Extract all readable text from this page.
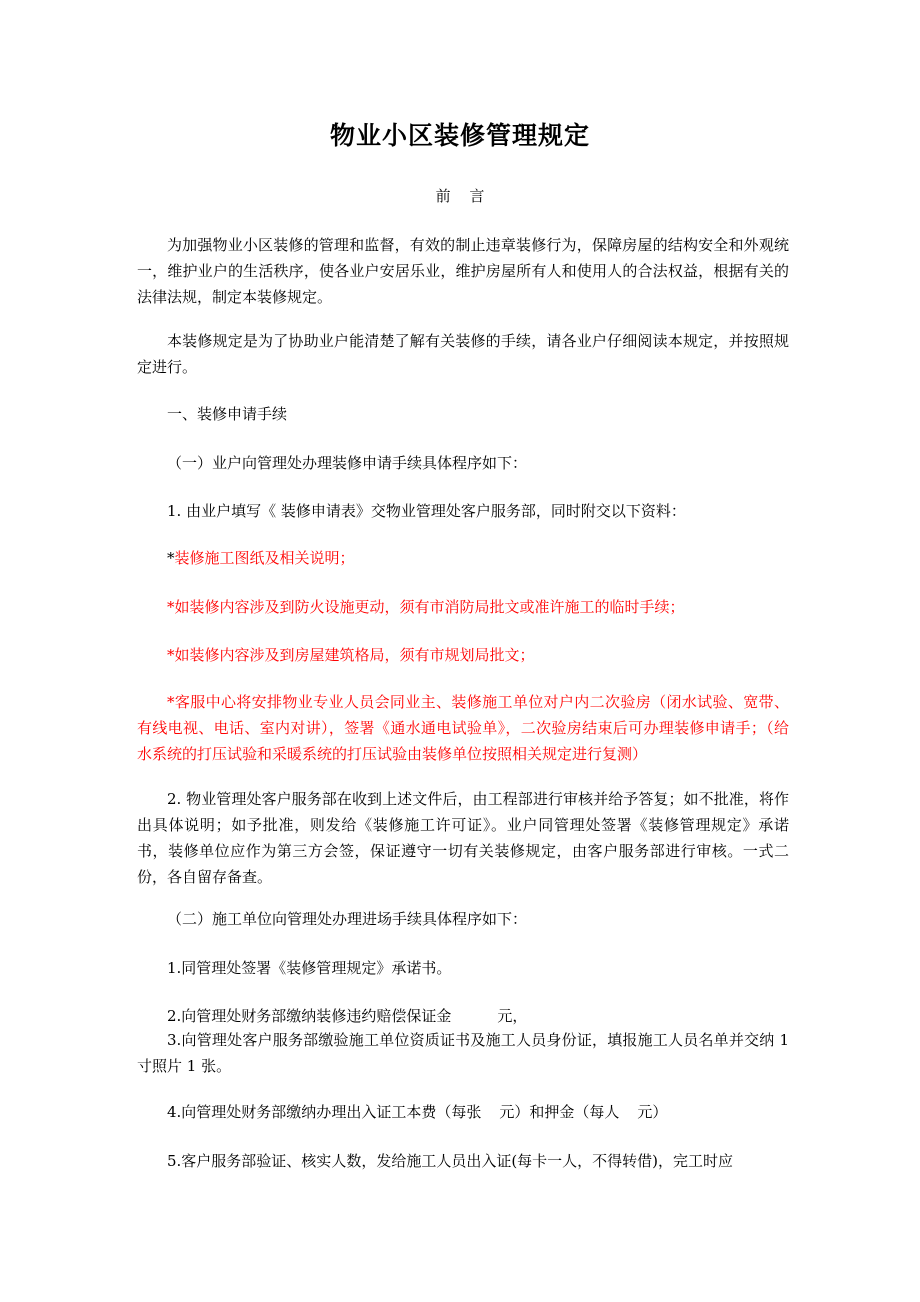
物业小区装修管理规定
前 言

为加强物业小区装修的管理和监督，有效的制止违章装修行为，保障房屋的结构安全和外观统一，维护业户的生活秩序，使各业户安居乐业，维护房屋所有人和使用人的合法权益，根据有关的法律法规，制定本装修规定。

本装修规定是为了协助业户能清楚了解有关装修的手续，请各业户仔细阅读本规定，并按照规定进行。

一、装修申请手续

（一）业户向管理处办理装修申请手续具体程序如下：

1. 由业户填写《 装修申请表》交物业管理处客户服务部，同时附交以下资料：

*装修施工图纸及相关说明；

*如装修内容涉及到防火设施更动，须有市消防局批文或准许施工的临时手续；

*如装修内容涉及到房屋建筑格局，须有市规划局批文；

*客服中心将安排物业专业人员会同业主、装修施工单位对户内二次验房（闭水试验、宽带、有线电视、电话、室内对讲），签署《通水通电试验单》，二次验房结束后可办理装修申请手；（给水系统的打压试验和采暖系统的打压试验由装修单位按照相关规定进行复测）

2. 物业管理处客户服务部在收到上述文件后，由工程部进行审核并给予答复；如不批准，将作出具体说明；如予批准，则发给《装修施工许可证》。业户同管理处签署《装修管理规定》承诺书，装修单位应作为第三方会签，保证遵守一切有关装修规定，由客户服务部进行审核。一式二份，各自留存备查。

（二）施工单位向管理处办理进场手续具体程序如下：

1.同管理处签署《装修管理规定》承诺书。

2.向管理处财务部缴纳装修违约赔偿保证金	元，

3.向管理处客户服务部缴验施工单位资质证书及施工人员身份证，填报施工人员名单并交纳 1 寸照片 1 张。

4.向管理处财务部缴纳办理出入证工本费（每张 元）和押金（每人 元）

5.客户服务部验证、核实人数，发给施工人员出入证(每卡一人，不得转借)，完工时应
